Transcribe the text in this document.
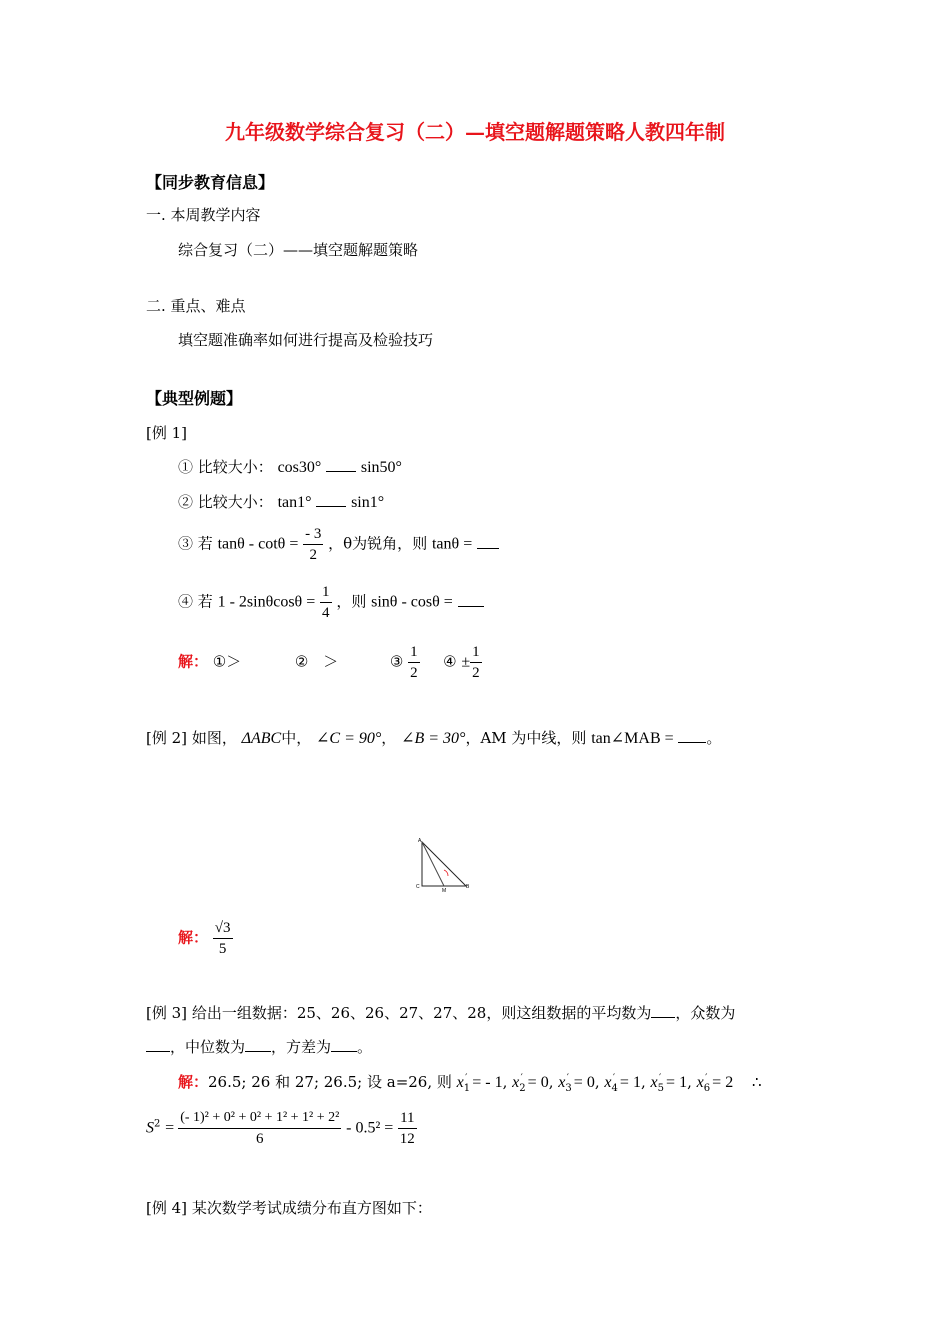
九年级数学综合复习（二）—填空题解题策略人教四年制
【同步教育信息】
一. 本周教学内容
综合复习（二）——填空题解题策略
二. 重点、难点
填空题准确率如何进行提高及检验技巧
【典型例题】
[例 1]
① 比较大小： cos30° sin50°
② 比较大小： tan1° sin1°
③ 若 $\tan\theta - \cot\theta = \frac{- 3}{2}$ ，θ为锐角，则 tanθ =
④ 若 $1 - 2\sin\theta\cos\theta = \frac{1}{4}$ ，则 sinθ - cosθ =
解： ①＞	②　＞	③ $\frac{1}{2}$ ④ ± $\frac{1}{2}$
[例 2] 如图， ΔABC中， ∠C = 90°， ∠B = 30°，AM 为中线，则 tan∠MAB = 。
A
C
M
B
解： $\frac{√3}{5}$
[例 3] 给出一组数据：25、26、26、27、27、28，则这组数据的平均数为 ，众数为
，中位数为 ，方差为 。
解：26.5; 26 和 27; 26.5; 设 a=26, 则 $x_1'$ = - 1, $x_2' = 0$, $x_3' = 0$, $x_4' = 1$, $x_5' = 1$, $x_6' = 2$ ∴
$S^2 = \frac{\text{(- 1)² + 0² + 0² + 1² + 1² + 2²}}{6} - 0.5^2 = \frac{11}{12}$
[例 4] 某次数学考试成绩分布直方图如下：
